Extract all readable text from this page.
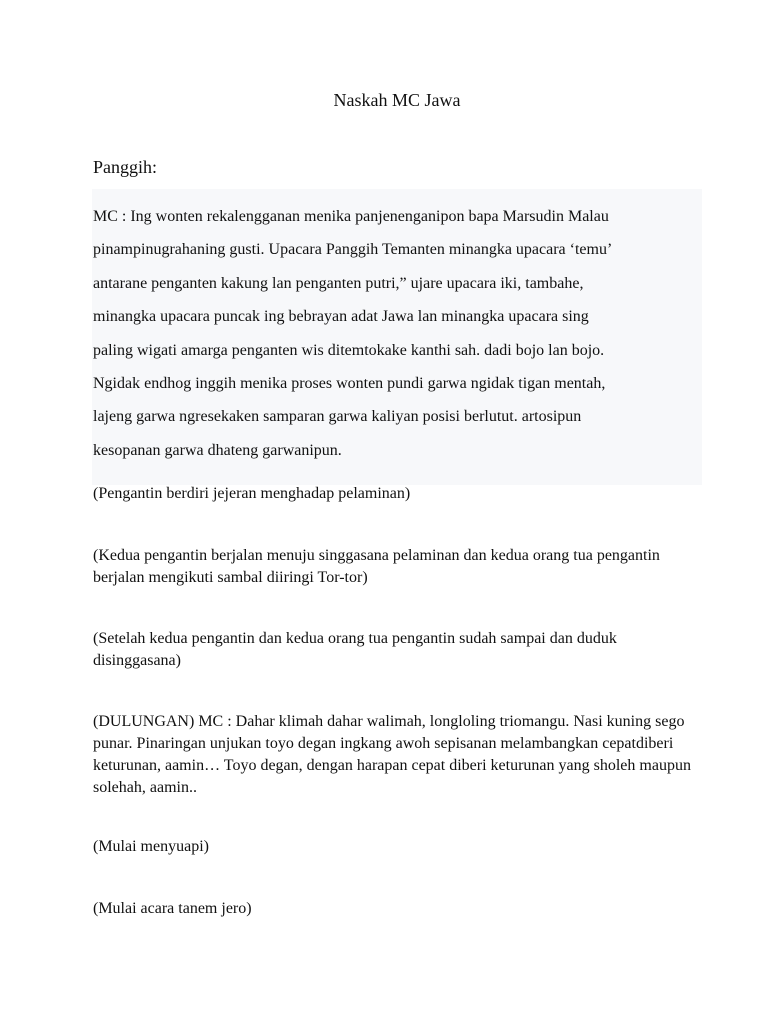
Naskah MC Jawa
Panggih:
MC : Ing wonten rekalengganan menika panjenenganipon bapa Marsudin Malau
pinampinugrahaning gusti. Upacara Panggih Temanten minangka upacara ‘temu’
antarane penganten kakung lan penganten putri,” ujare upacara iki, tambahe,
minangka upacara puncak ing bebrayan adat Jawa lan minangka upacara sing
paling wigati amarga penganten wis ditemtokake kanthi sah. dadi bojo lan bojo.
Ngidak endhog inggih menika proses wonten pundi garwa ngidak tigan mentah,
lajeng garwa ngresekaken samparan garwa kaliyan posisi berlutut. artosipun
kesopanan garwa dhateng garwanipun.

(Pengantin berdiri jejeran menghadap pelaminan)

(Kedua pengantin berjalan menuju singgasana pelaminan dan kedua orang tua pengantin berjalan mengikuti sambal diiringi Tor-tor)

(Setelah kedua pengantin dan kedua orang tua pengantin sudah sampai dan duduk disinggasana)

(DULUNGAN) MC : Dahar klimah dahar walimah, longloling triomangu. Nasi kuning sego punar. Pinaringan unjukan toyo degan ingkang awoh sepisanan melambangkan cepatdiberi keturunan, aamin… Toyo degan, dengan harapan cepat diberi keturunan yang sholeh maupun solehah, aamin..

(Mulai menyuapi)

(Mulai acara tanem jero)
